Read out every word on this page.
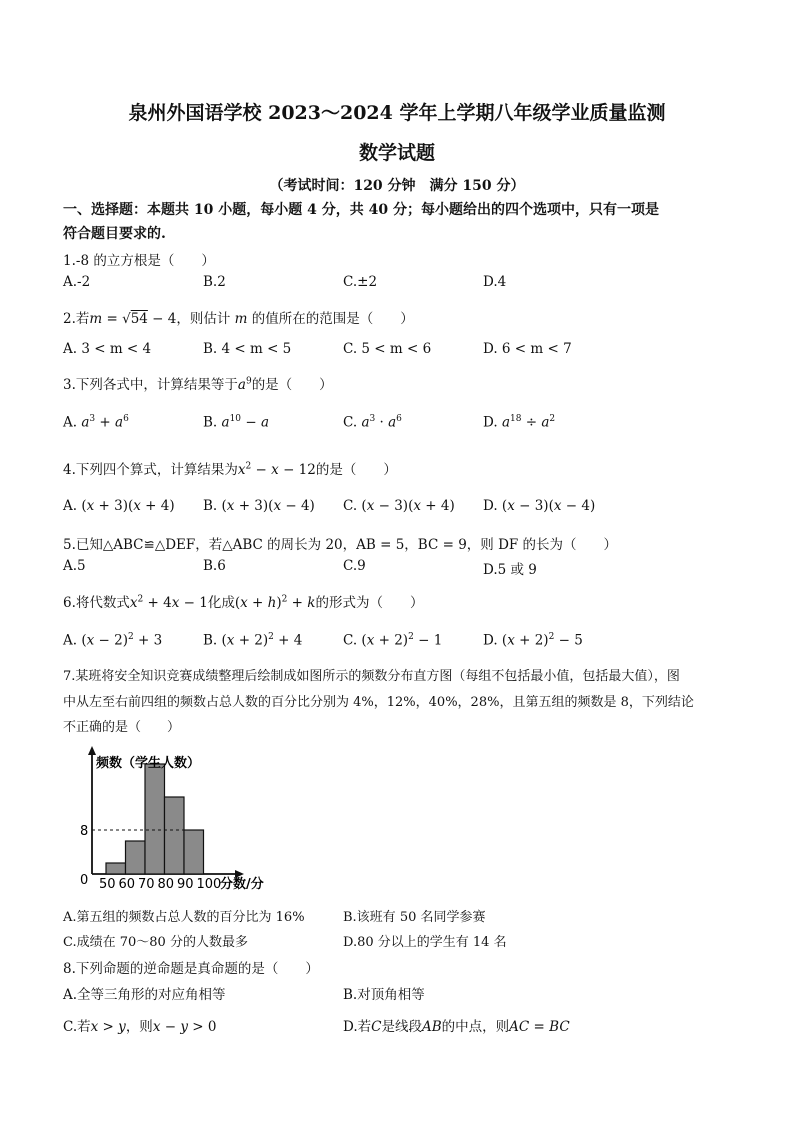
泉州外国语学校 2023～2024 学年上学期八年级学业质量监测
数学试题
（考试时间：120 分钟　满分 150 分）
一、选择题：本题共 10 小题，每小题 4 分，共 40 分；每小题给出的四个选项中，只有一项是
符合题目要求的.
1.-8 的立方根是（　　）
A.-2	B.2	C.±2	D.4
2.若m = √54 − 4，则估计 m 的值所在的范围是（　　）
A. 3 < m < 4	B. 4 < m < 5	C. 5 < m < 6	D. 6 < m < 7
3.下列各式中，计算结果等于$a^9$的是（　　）
A. $a^3 + a^6$	B. $a^{10} - a$	C. $a^3 \cdot a^6$	D. $a^{18} \div a^2$
4.下列四个算式，计算结果为$x^2 - x - 12$的是（　　）
A. (x + 3)(x + 4) B. (x + 3)(x − 4) C. (x − 3)(x + 4) D. (x − 3)(x − 4)
5.已知△ABC≌△DEF，若△ABC 的周长为 20，AB = 5，BC = 9，则 DF 的长为（　　）
A.5	B.6	C.9	D.5 或 9
6.将代数式$x^2 + 4x - 1$化成$(x + h)^2 + k$的形式为（　　）
A. $(x - 2)^2 + 3$	B. $(x + 2)^2 + 4$	C. $(x + 2)^2 - 1$	D. $(x + 2)^2 - 5$
7.某班将安全知识竞赛成绩整理后绘制成如图所示的频数分布直方图（每组不包括最小值，包括最大值），图
中从左至右前四组的频数占总人数的百分比分别为 4%，12%，40%，28%，且第五组的频数是 8，下列结论
不正确的是（　　）
频数（学生人数）
8
0 50 60 70 80 90 100
分数/分
A.第五组的频数占总人数的百分比为 16%	B.该班有 50 名同学参赛
C.成绩在 70～80 分的人数最多	D.80 分以上的学生有 14 名
8.下列命题的逆命题是真命题的是（　　）
A.全等三角形的对应角相等	B.对顶角相等
C.若x > y，则x − y > 0	D.若C是线段AB的中点，则AC = BC
